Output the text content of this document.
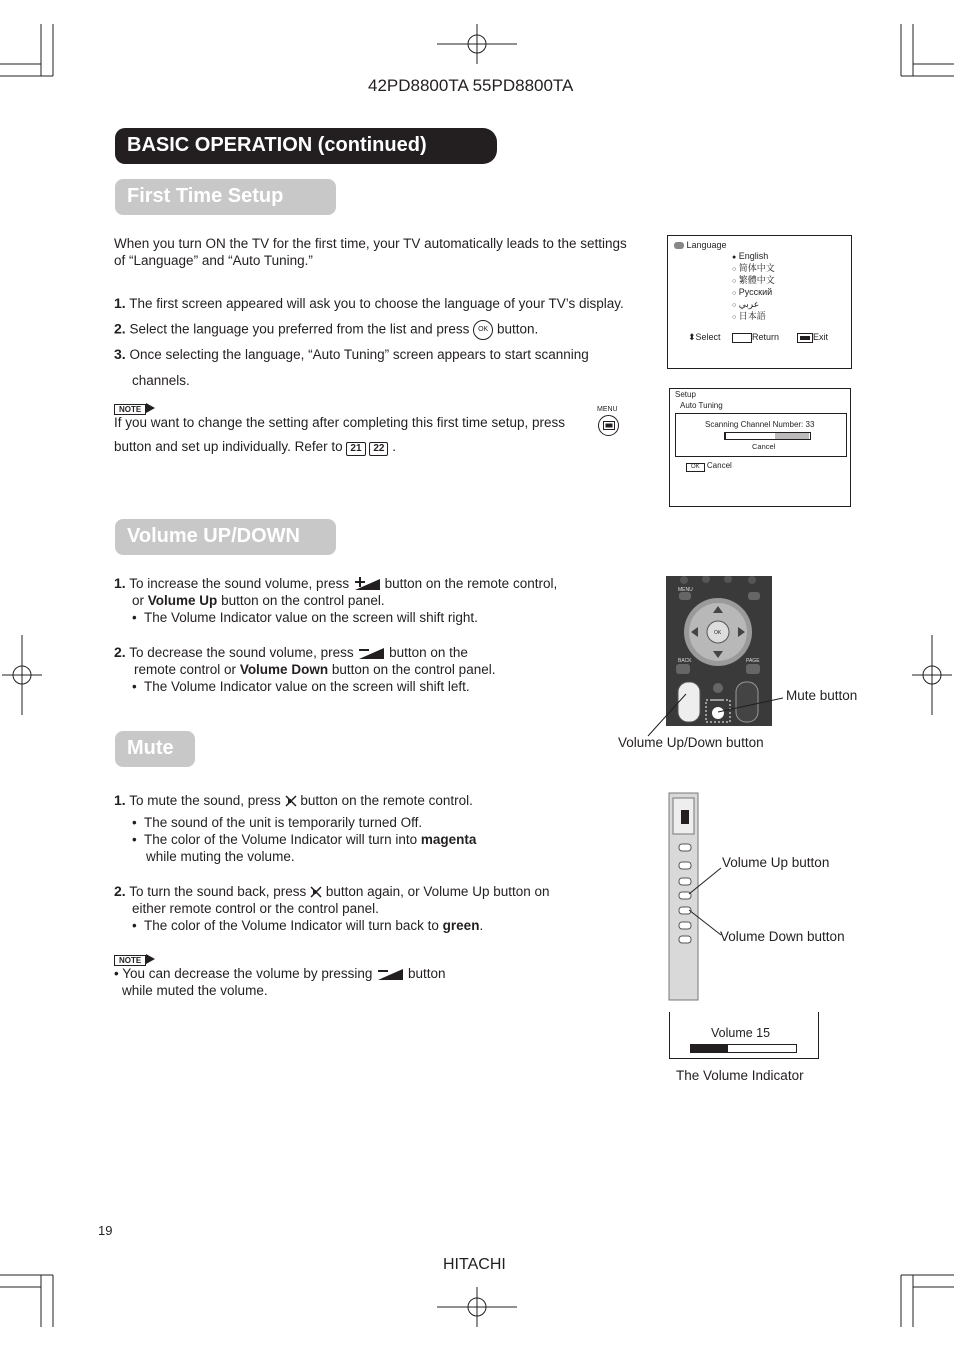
42PD8800TA 55PD8800TA
BASIC OPERATION (continued)
First Time Setup
When you turn ON the TV for the first time, your TV automatically leads to the settings
of “Language” and “Auto Tuning.”
1. The first screen appeared will ask you to choose the language of your TV’s display.
2. Select the language you preferred from the list and press OK button.
3. Once selecting the language, “Auto Tuning” screen appears to start scanning
channels.
NOTE
If you want to change the setting after completing this first time setup, press
MENU
button and set up individually. Refer to 21 22 .
Language
● English
○ 简体中文
○ 繁體中文
○ Русский
○ عربي
○ 日本語
⬍Select	Return	Exit
Setup
Auto Tuning
Scanning Channel Number: 33
Cancel
OK Cancel
Volume UP/DOWN
1. To increase the sound volume, press	button on the remote control,
or Volume Up button on the control panel.
• The Volume Indicator value on the screen will shift right.
2. To decrease the sound volume, press	button on the
remote control or Volume Down button on the control panel.
• The Volume Indicator value on the screen will shift left.
MENU
OK
BACK	PAGE
Mute button
Volume Up/Down button
Mute
1. To mute the sound, press button on the remote control.
• The sound of the unit is temporarily turned Off.
• The color of the Volume Indicator will turn into magenta
while muting the volume.
2. To turn the sound back, press button again, or Volume Up button on
either remote control or the control panel.
• The color of the Volume Indicator will turn back to green.
NOTE
• You can decrease the volume by pressing	button
while muted the volume.
Volume Up button
Volume Down button
Volume 15
The Volume Indicator
19
HITACHI
